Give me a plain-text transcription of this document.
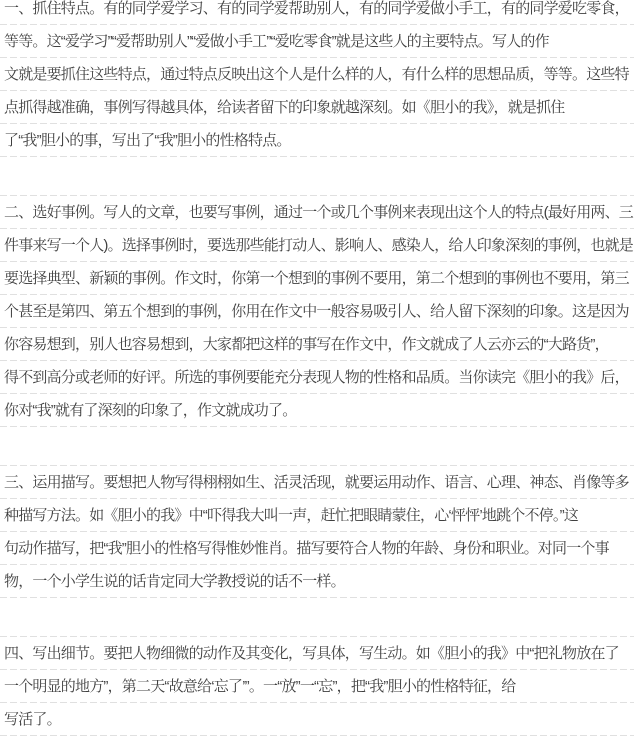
一、抓住特点。有的同学爱学习、有的同学爱帮助别人，有的同学爱做小手工，有的同学爱吃零食，
等等。这“爱学习”“爱帮助别人”“爱做小手工”“爱吃零食”就是这些人的主要特点。写人的作
文就是要抓住这些特点，通过特点反映出这个人是什么样的人，有什么样的思想品质，等等。这些特
点抓得越准确，事例写得越具体，给读者留下的印象就越深刻。如《胆小的我》，就是抓住
了“我”胆小的事，写出了“我”胆小的性格特点。
二、选好事例。写人的文章，也要写事例，通过一个或几个事例来表现出这个人的特点(最好用两、三
件事来写一个人)。选择事例时，要选那些能打动人、影响人、感染人，给人印象深刻的事例，也就是
要选择典型、新颖的事例。作文时，你第一个想到的事例不要用，第二个想到的事例也不要用，第三
个甚至是第四、第五个想到的事例，你用在作文中一般容易吸引人、给人留下深刻的印象。这是因为
你容易想到，别人也容易想到，大家都把这样的事写在作文中，作文就成了人云亦云的“大路货”，
得不到高分或老师的好评。所选的事例要能充分表现人物的性格和品质。当你读完《胆小的我》后，
你对“我”就有了深刻的印象了，作文就成功了。
三、运用描写。要想把人物写得栩栩如生、活灵活现，就要运用动作、语言、心理、神态、肖像等多
种描写方法。如《胆小的我》中“吓得我大叫一声，赶忙把眼睛蒙住，心‘怦怦’地跳个不停。”这
句动作描写，把“我”胆小的性格写得惟妙惟肖。描写要符合人物的年龄、身份和职业。对同一个事
物，一个小学生说的话肯定同大学教授说的话不一样。
四、写出细节。要把人物细微的动作及其变化，写具体，写生动。如《胆小的我》中“把礼物放在了
一个明显的地方”，第二天“故意给‘忘了’”。一“放”一“忘”，把“我”胆小的性格特征，给
写活了。
